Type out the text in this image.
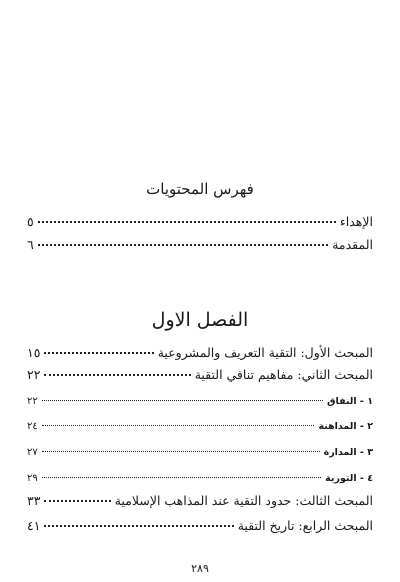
فهرس المحتويات
الإهداء
٥
المقدمة
٦
الفصل الاول
المبحث الأول: التقية التعريف والمشروعية
١٥
المبحث الثاني: مفاهيم تنافي التقية
٢٢
١ - النفاق
٢٢
٢ - المداهنة
٢٤
٣ - المدارة
٢٧
٤ - التورية
٢٩
المبحث الثالث: حدود التقية عند المذاهب الإسلامية
٣٣
المبحث الرابع: تاريخ التقية
٤١
٢٨٩
